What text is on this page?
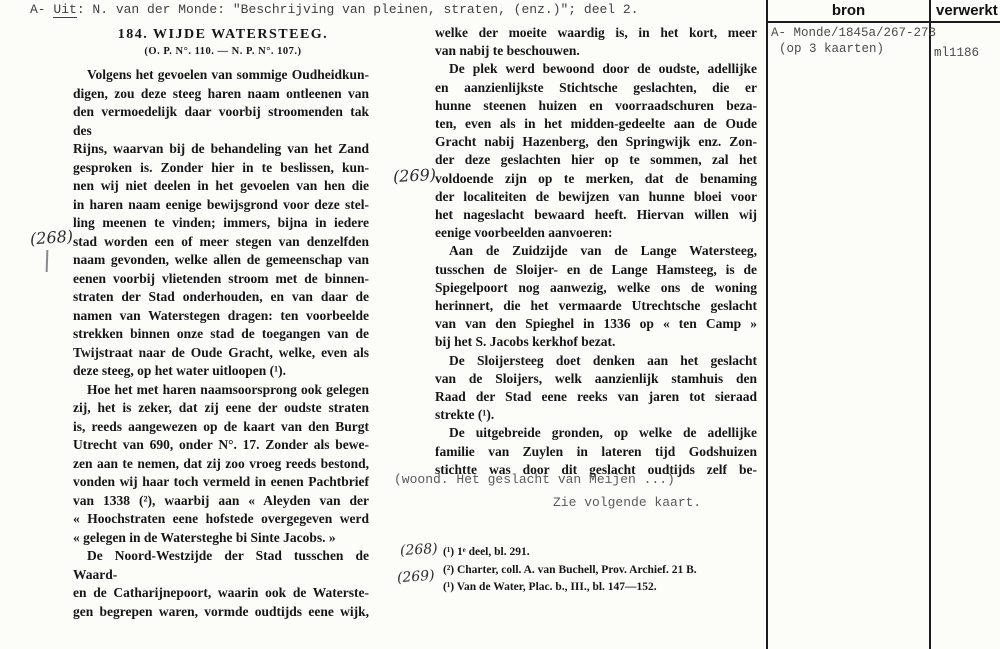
A- Uit: N. van der Monde: "Beschrijving van pleinen, straten, (enz.)"; deel 2.	bron	verwerkt
A- Monde/1845a/267-273
(op 3 kaarten)	ml1186
184. WIJDE WATERSTEEG.
(O. P. N°. 110. — N. P. N°. 107.)
Volgens het gevoelen van sommige Oudheidkun-
digen, zou deze steeg haren naam ontleenen van
den vermoedelijk daar voorbij stroomenden tak des
Rijns, waarvan bij de behandeling van het Zand
gesproken is. Zonder hier in te beslissen, kun-
nen wij niet deelen in het gevoelen van hen die
in haren naam eenige bewijsgrond voor deze stel-
ling meenen te vinden; immers, bijna in iedere
stad worden een of meer stegen van denzelfden
naam gevonden, welke allen de gemeenschap van
eenen voorbij vlietenden stroom met de binnen-
straten der Stad onderhouden, en van daar de
namen van Waterstegen dragen: ten voorbeelde
strekken binnen onze stad de toegangen van de
Twijstraat naar de Oude Gracht, welke, even als
deze steeg, op het water uitloopen (¹).
Hoe het met haren naamsoorsprong ook gelegen
zij, het is zeker, dat zij eene der oudste straten
is, reeds aangewezen op de kaart van den Burgt
Utrecht van 690, onder N°. 17. Zonder als bewe-
zen aan te nemen, dat zij zoo vroeg reeds bestond,
vonden wij haar toch vermeld in eenen Pachtbrief
van 1338 (²), waarbij aan « Aleyden van der
« Hoochstraten eene hofstede overgegeven werd
« gelegen in de Watersteghe bi Sinte Jacobs. »
De Noord-Westzijde der Stad tusschen de Waard-
en de Catharijnepoort, waarin ook de Waterste-
gen begrepen waren, vormde oudtijds eene wijk,
welke der moeite waardig is, in het kort, meer
van nabij te beschouwen.
De plek werd bewoond door de oudste, adellijke
en aanzienlijkste Stichtsche geslachten, die er
hunne steenen huizen en voorraadschuren beza-
ten, even als in het midden-gedeelte aan de Oude
Gracht nabij Hazenberg, den Springwijk enz. Zon-
der deze geslachten hier op te sommen, zal het
voldoende zijn op te merken, dat de benaming
der localiteiten de bewijzen van hunne bloei voor
het nageslacht bewaard heeft. Hiervan willen wij
eenige voorbeelden aanvoeren:
Aan de Zuidzijde van de Lange Watersteeg,
tusschen de Sloijer- en de Lange Hamsteeg, is de
Spiegelpoort nog aanwezig, welke ons de woning
herinnert, die het vermaarde Utrechtsche geslacht
van van den Spieghel in 1336 op « ten Camp »
bij het S. Jacobs kerkhof bezat.
De Sloijersteeg doet denken aan het geslacht
van de Sloijers, welk aanzienlijk stamhuis den
Raad der Stad eene reeks van jaren tot sieraad
strekte (¹).
De uitgebreide gronden, op welke de adellijke
familie van Zuylen in lateren tijd Godshuizen
stichtte was door dit geslacht oudtijds zelf be-
(268)
(269)
(woond. Het geslacht van Meijen ...)
Zie volgende kaart.
(268)
(269)
(¹) 1ᵉ deel, bl. 291.
(²) Charter, coll. A. van Buchell, Prov. Archief. 21 B.
(¹) Van de Water, Plac. b., III., bl. 147—152.
